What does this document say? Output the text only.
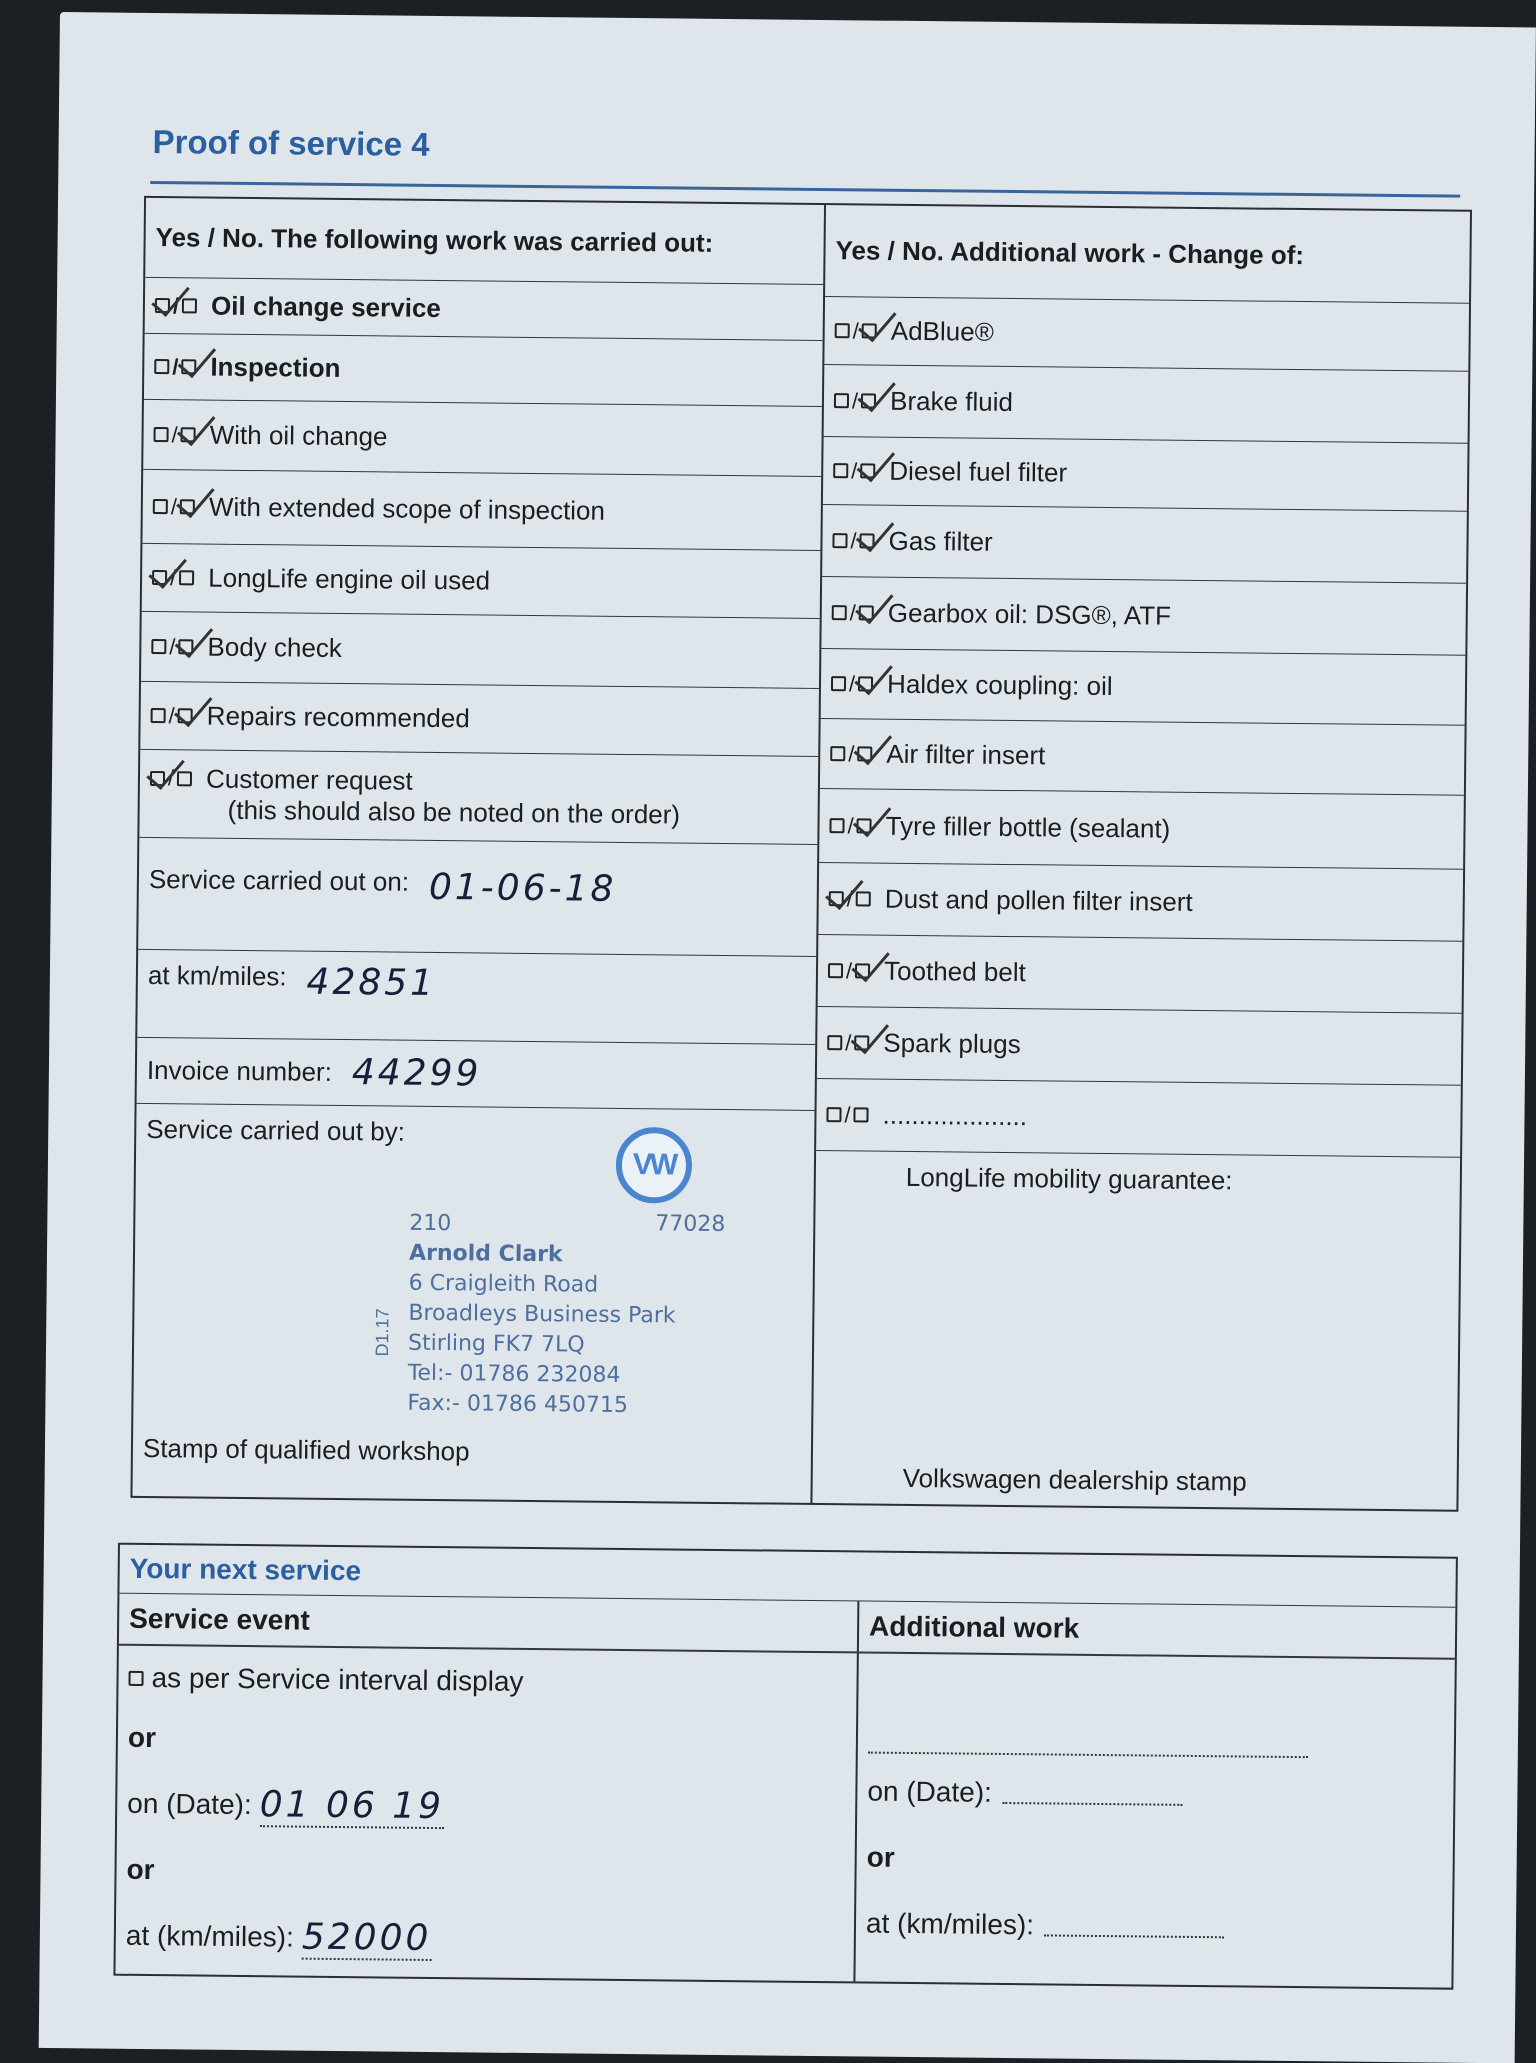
Proof of service 4
Yes / No. The following work was carried out:
/ Oil change service
/ Inspection
/ With oil change
/ With extended scope of inspection
/ LongLife engine oil used
/ Body check
/ Repairs recommended
/ Customer request
(this should also be noted on the order)
Service carried out on: 01-06-18
at km/miles: 42851
Invoice number: 44299
Service carried out by:
VW
210
Arnold Clark
6 Craigleith Road
Broadleys Business Park
Stirling FK7 7LQ
Tel:- 01786 232084
Fax:- 01786 450715
77028
D1.17
Stamp of qualified workshop
Yes / No. Additional work - Change of:
/ AdBlue®
/ Brake fluid
/ Diesel fuel filter
/ Gas filter
/ Gearbox oil: DSG®, ATF
/ Haldex coupling: oil
/ Air filter insert
/ Tyre filler bottle (sealant)
/ Dust and pollen filter insert
/ Toothed belt
/ Spark plugs
/ ....................
LongLife mobility guarantee:
Volkswagen dealership stamp
Your next service
Service event
as per Service interval display
or
on (Date): 01 06 19
or
at (km/miles): 52000
Additional work
on (Date):
or
at (km/miles):
